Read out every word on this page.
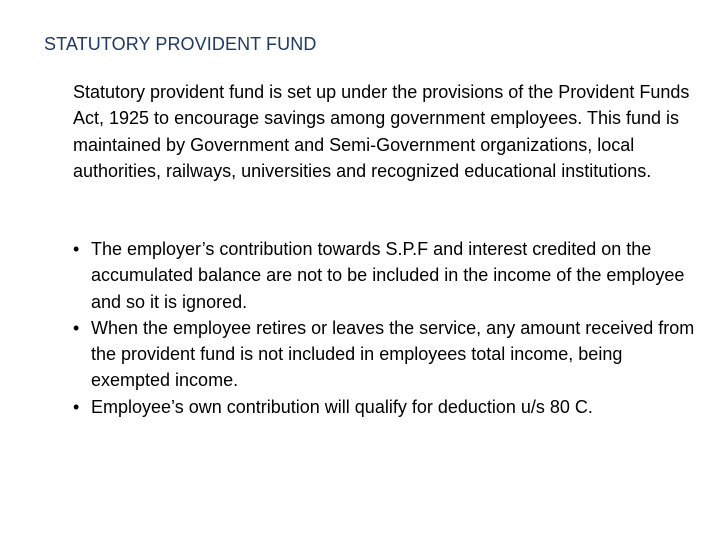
STATUTORY PROVIDENT FUND

Statutory provident fund is set up under the provisions of the Provident Funds Act, 1925 to encourage savings among government employees. This fund is maintained by Government and Semi-Government organizations, local authorities, railways, universities and recognized educational institutions.

• The employer’s contribution towards S.P.F and interest credited on the accumulated balance are not to be included in the income of the employee and so it is ignored.
• When the employee retires or leaves the service, any amount received from the provident fund is not included in employees total income, being exempted income.
• Employee’s own contribution will qualify for deduction u/s 80 C.
